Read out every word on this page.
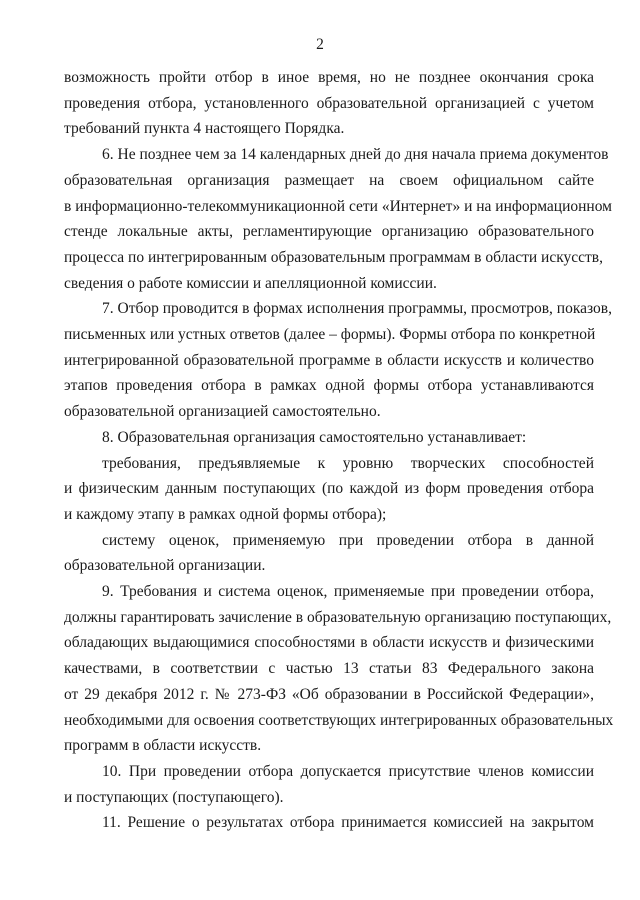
2
возможность пройти отбор в иное время, но не позднее окончания срока
проведения отбора, установленного образовательной организацией с учетом
требований пункта 4 настоящего Порядка.
6. Не позднее чем за 14 календарных дней до дня начала приема документов
образовательная организация размещает на своем официальном сайте
в информационно-телекоммуникационной сети «Интернет» и на информационном
стенде локальные акты, регламентирующие организацию образовательного
процесса по интегрированным образовательным программам в области искусств,
сведения о работе комиссии и апелляционной комиссии.
7. Отбор проводится в формах исполнения программы, просмотров, показов,
письменных или устных ответов (далее – формы). Формы отбора по конкретной
интегрированной образовательной программе в области искусств и количество
этапов проведения отбора в рамках одной формы отбора устанавливаются
образовательной организацией самостоятельно.
8. Образовательная организация самостоятельно устанавливает:
требования, предъявляемые к уровню творческих способностей
и физическим данным поступающих (по каждой из форм проведения отбора
и каждому этапу в рамках одной формы отбора);
систему оценок, применяемую при проведении отбора в данной
образовательной организации.
9. Требования и система оценок, применяемые при проведении отбора,
должны гарантировать зачисление в образовательную организацию поступающих,
обладающих выдающимися способностями в области искусств и физическими
качествами, в соответствии с частью 13 статьи 83 Федерального закона
от 29 декабря 2012 г. № 273-ФЗ «Об образовании в Российской Федерации»,
необходимыми для освоения соответствующих интегрированных образовательных
программ в области искусств.
10. При проведении отбора допускается присутствие членов комиссии
и поступающих (поступающего).
11. Решение о результатах отбора принимается комиссией на закрытом
